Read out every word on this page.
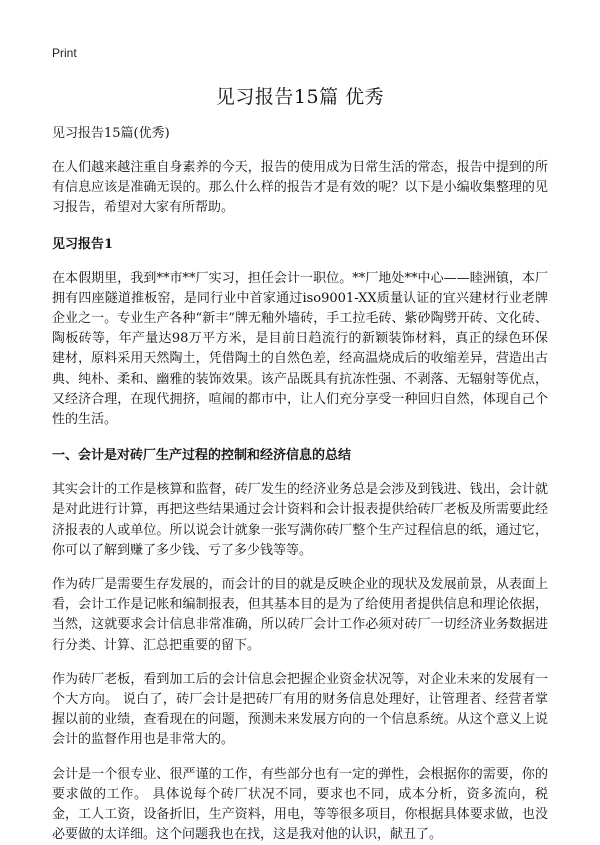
Print
见习报告15篇 优秀
见习报告15篇(优秀)

在人们越来越注重自身素养的今天，报告的使用成为日常生活的常态，报告中提到的所有信息应该是准确无误的。那么什么样的报告才是有效的呢？以下是小编收集整理的见习报告，希望对大家有所帮助。

见习报告1

在本假期里，我到**市**厂实习，担任会计一职位。**厂地处**中心——睦洲镇，本厂拥有四座隧道推板窑，是同行业中首家通过iso9001-XX质量认证的宜兴建材行业老牌企业之一。专业生产各种“新丰”牌无釉外墙砖，手工拉毛砖、紫砂陶劈开砖、文化砖、陶板砖等，年产量达98万平方米，是目前日趋流行的新颖装饰材料，真正的绿色环保建材，原料采用天然陶土，凭借陶土的自然色差，经高温烧成后的收缩差异，营造出古典、纯朴、柔和、幽雅的装饰效果。该产品既具有抗冻性强、不剥落、无辐射等优点，又经济合理，在现代拥挤，喧闹的都市中，让人们充分享受一种回归自然，体现自己个性的生活。

一、会计是对砖厂生产过程的控制和经济信息的总结

其实会计的工作是核算和监督，砖厂发生的经济业务总是会涉及到钱进、钱出，会计就是对此进行计算，再把这些结果通过会计资料和会计报表提供给砖厂老板及所需要此经济报表的人或单位。所以说会计就象一张写满你砖厂整个生产过程信息的纸，通过它，你可以了解到赚了多少钱、亏了多少钱等等。

作为砖厂是需要生存发展的，而会计的目的就是反映企业的现状及发展前景，从表面上看，会计工作是记帐和编制报表，但其基本目的是为了给使用者提供信息和理论依据，当然，这就要求会计信息非常准确，所以砖厂会计工作必须对砖厂一切经济业务数据进行分类、计算、汇总把重要的留下。

作为砖厂老板，看到加工后的会计信息会把握企业资金状况等，对企业未来的发展有一个大方向。 说白了，砖厂会计是把砖厂有用的财务信息处理好，让管理者、经营者掌握以前的业绩，查看现在的问题，预测未来发展方向的一个信息系统。从这个意义上说会计的监督作用也是非常大的。

会计是一个很专业、很严谨的工作，有些部分也有一定的弹性，会根据你的需要，你的要求做的工作。 具体说每个砖厂状况不同，要求也不同，成本分析，资多流向，税金，工人工资，设备折旧，生产资料，用电，等等很多项目，你根据具体要求做，也没必要做的太详细。这个问题我也在找，这是我对他的认识，献丑了。
